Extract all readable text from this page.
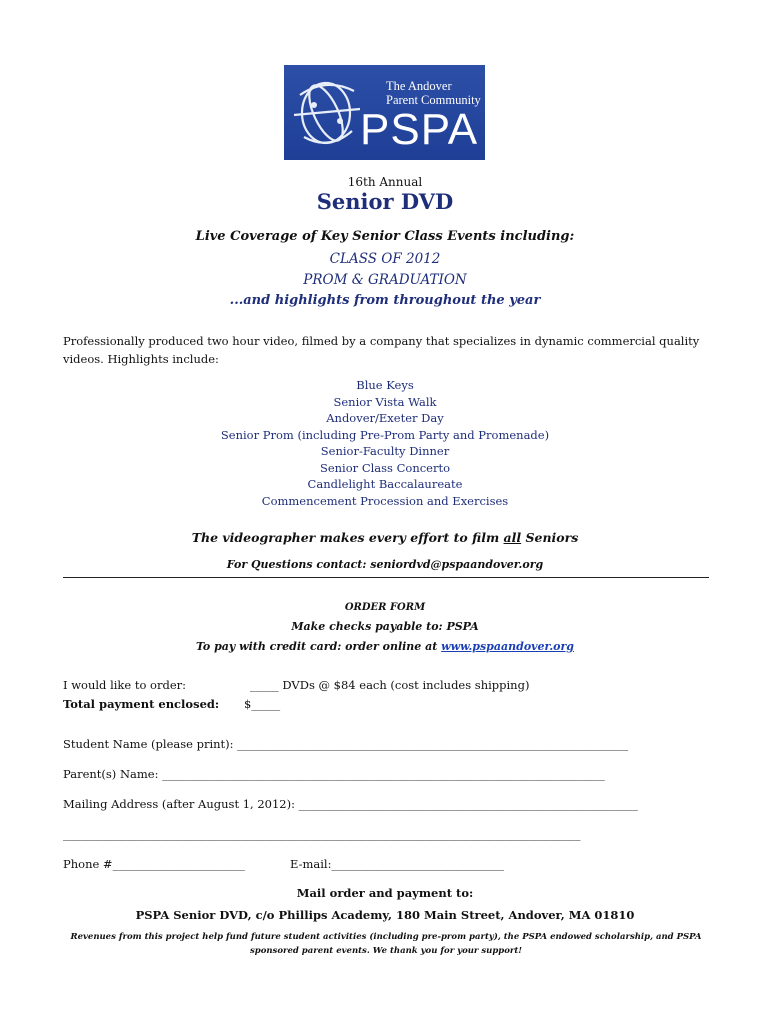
The Andover
Parent Community
PSPA
16th Annual
Senior DVD
Live Coverage of Key Senior Class Events including:
CLASS OF 2012
PROM & GRADUATION
...and highlights from throughout the year
Professionally produced two hour video, filmed by a company that specializes in dynamic commercial quality videos. Highlights include:
Blue Keys
Senior Vista Walk
Andover/Exeter Day
Senior Prom (including Pre-Prom Party and Promenade)
Senior-Faculty Dinner
Senior Class Concerto
Candlelight Baccalaureate
Commencement Procession and Exercises
The videographer makes every effort to film all Seniors
For Questions contact: seniordvd@pspaandover.org
ORDER FORM
Make checks payable to: PSPA
To pay with credit card: order online at www.pspaandover.org
I would like to order:	_____ DVDs @ $84 each (cost includes shipping)
Total payment enclosed: $_____
Student Name (please print): ____________________________________________________________________
Parent(s) Name: _____________________________________________________________________________
Mailing Address (after August 1, 2012): ___________________________________________________________
__________________________________________________________________________________________
Phone #_______________________	E-mail:______________________________
Mail order and payment to:
PSPA Senior DVD, c/o Phillips Academy, 180 Main Street, Andover, MA 01810
Revenues from this project help fund future student activities (including pre-prom party), the PSPA endowed scholarship, and PSPA sponsored parent events. We thank you for your support!
